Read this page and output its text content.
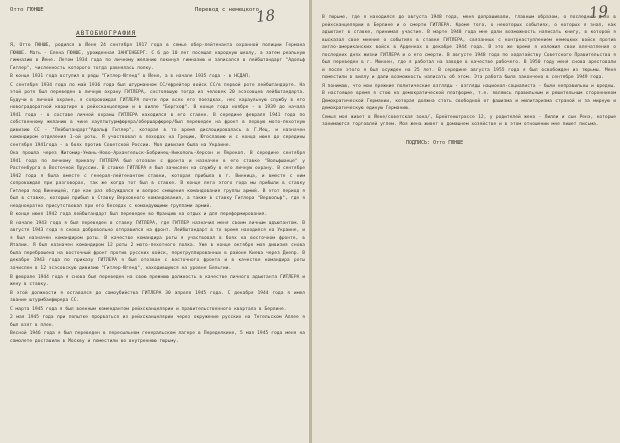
Отто ГЮНШЕ	Перевод с немецкого
18
АВТОБИОГРАФИЯ

Я, Отто ГЮНШЕ, родился в Йене 24 сентября 1917 года в семье обер-лейтенанта охранной полиции Германа ГЮНШЕ. Мать - Елена ГЮНШЕ, урожденная ЗАНГЕНБЕРГ. С 6 до 10 лет посещал народную школу, а затем реальную гимназию в Йене. Летом 1934 года по личному желанию покинул гимназию и записался в лейбштандарт "Адольф Гитлер", численность которого тогда равнялась полку.

В конце 1931 года вступил в ряды "Гитлер-Югенд" в Йене, а в начале 1935 года - в НСДАП.

С сентября 1934 года по май 1936 года был штурманном СС/ефрейтор войск СС/в первой роте лейбштандарте. На этой роте был переведен в личную охрану ГИТЛЕРА, состоявшую тогда из человек 20 эсэсовцев лейбштандарта. Будучи в личной охране, я сопровождал ГИТЛЕРА почти при всех его поездках, нес караульную службу в его новоградоратной квартире в рейхсканцелярии и в вилле "Бергхоф". В конце года ноябре - в 1939 до начала 1941 года - в составе личной охраны ГИТЛЕРА находился в его ставке. В середине февраля 1941 года по собственному желанию в чине хауптштурмфюрера/обершарфюрер/был переведен на фронт в первую мото-пехотную дивизию СС - "Лейбштандарт"Адольф Гитлер", которая в то время дислоцировалась в Г.Мец, и назначен командиром отделения 1-ой роты. Я участвовал в походах на Грецию, Югославию и с конца июня до середины сентября 1941года - в боях против Советской России. Моя дивизия была на Украине.

Она прошла через Житомир-Умань-Ново-Архангельск-Бобринец-Никополь-Херсон и Перекоп. В середине сентября 1941 года по личному приказу ГИТЛЕРА был отозван с фронта и назначен в его ставке "Вольфшанце" у Растенбурга в Восточной Пруссии. В ставке ГИТЛЕРА я был зачислен на службу в его личную охрану. В сентябре 1942 года я была вместе с генерал-лейтенантом ставки, которая прибыла в г. Винница, и вместе с ним сопровождал при разговорах, так же когда тот был в ставке. В конце лета этого года мы прибыли в ставку Гитлера под Винницей, где как раз обсуждался и вопрос смещения командования группы армий. В этот период я был в ставке, который прибыл в Ставку Верховного командования, а также в ставку Гитлера "Вервольф", где я неоднократно присутствовал при его беседах с командующими группами армий.

В конце июня 1942 года лейбштандарт был переведен во Францию на отдых и для переформирования.

В начале 1943 года я был переведен в ставку ГИТЛЕРА, где ГИТЛЕР назначил меня своим личным адъютантом. В августе 1943 года я снова добровольно отправился на фронт. Лейбштандарт в то время находился на Украине, и я был назначен командиром роты. В качестве командира роты я участвовал в боях на восточном фронте, в Италии. Я был назначен командиром 12 роты 2 мото-пехотного полка. Уже в конце октября моя дивизия снова была переброшена на восточный фронт против русских войск, перегруппированных в районе Киева через Днепр. В декабре 1943 года по приказу ГИТЛЕРА я был отозван с восточного фронта и в качестве командира роты зачислен в 12 эсэсовскую дивизию "Гитлер-Югенд", находившуюся на уровне Бельгии.

В феврале 1944 года я снова был переведен на свою прежнюю должность в качестве личного адъютанта ГИТЛЕРА и жену в ставку.

В этой должности я оставался до самоубийства ГИТЛЕРА 30 апреля 1945 года. С декабря 1944 года я имел звание штурмбанфюрера СС.

С марта 1945 года я был военным комендантом рейхсканцелярии и правительственного квартала в Берлине.

2 мая 1945 года при попытке прорваться из рейхсканцелярии через окружение русских на Тегельском Аллее я был взят в плен.

Весной 1946 года я был переведен в пересыльном генеральском лагере в Переделкине, 5 мая 1945 года меня на самолете доставили в Москву и поместили во внутреннюю тюрьму.

19

В тюрьме, где я находился до августа 1948 года, меня допрашивали, главным образом, о последних днях в рейхсканцелярии в Берлине и о смерти ГИТЛЕРА. Кроме того, о некоторых событиях, о которых я знал, как адъютант в ставке, принимал участие. В марте 1948 года мне дали возможность написать книгу, в которой я высказал свое мнение о событиях в ставке ГИТЛЕРА, связанных с контрнаступлением немецких войск против англо-американских войск в Арденнах в декабре 1944 года. В это же время я изложил свои впечатления о последних днях жизни ГИТЛЕРА и о его смерти. В августе 1948 года по ходатайству Советского Правительства я был переведен в г. Мюнхен, где я работал на заводе в качестве рабочего. В 1950 году меня снова арестовали и после этого я был осужден на 25 лет. В середине августа 1955 года я был освобожден из тюрьмы. Меня поместили в виллу и дали возможность написать об этом. Эта работа была закончена в сентябре 1949 года.

Я понимаю, что мои прежние политические взгляды - взгляды национал-социалиста - были неправильны и вредны. В настоящее время я стою на демократической платформе, т.е. являюсь правильным и решительным сторонником Демократической Германии, которая должна стать свободной от фашизма и милитаризма страной и за мирную и демократическую единую Германию.

Семья моя живет в Йене/советская зона/, Брейтенштрассе 12, у родителей жена - Лилли и сын Ренэ, которые занимаются торговлей углем. Моя жена живет в домашнем хозяйстве и в этом отношении мне пишет письма.

ПОДПИСЬ: Отто ГЮНШЕ
